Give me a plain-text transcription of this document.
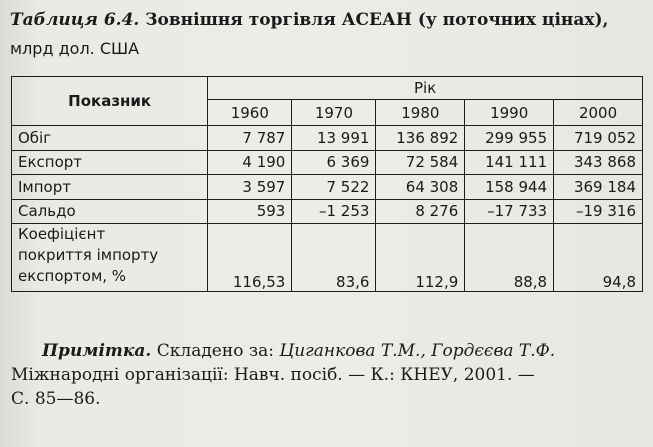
Таблиця 6.4. Зовнішня торгівля АСЕАН (у поточних цінах),
млрд дол. США
Показник	Рік				
	1960	1970	1980	1990	2000
Обіг	7 787	13 991	136 892	299 955	719 052
Експорт	4 190	6 369	72 584	141 111	343 868
Імпорт	3 597	7 522	64 308	158 944	369 184
Сальдо	593	–1 253	8 276	–17 733	–19 316

Коефіцієнт
покриття імпорту
експортом, %	116,53	83,6	112,9	88,8	94,8
Примітка. Складено за: Циганкова Т.М., Гордєєва Т.Ф.
Міжнародні організації: Навч. посіб. — К.: КНЕУ, 2001. —
С. 85—86.
